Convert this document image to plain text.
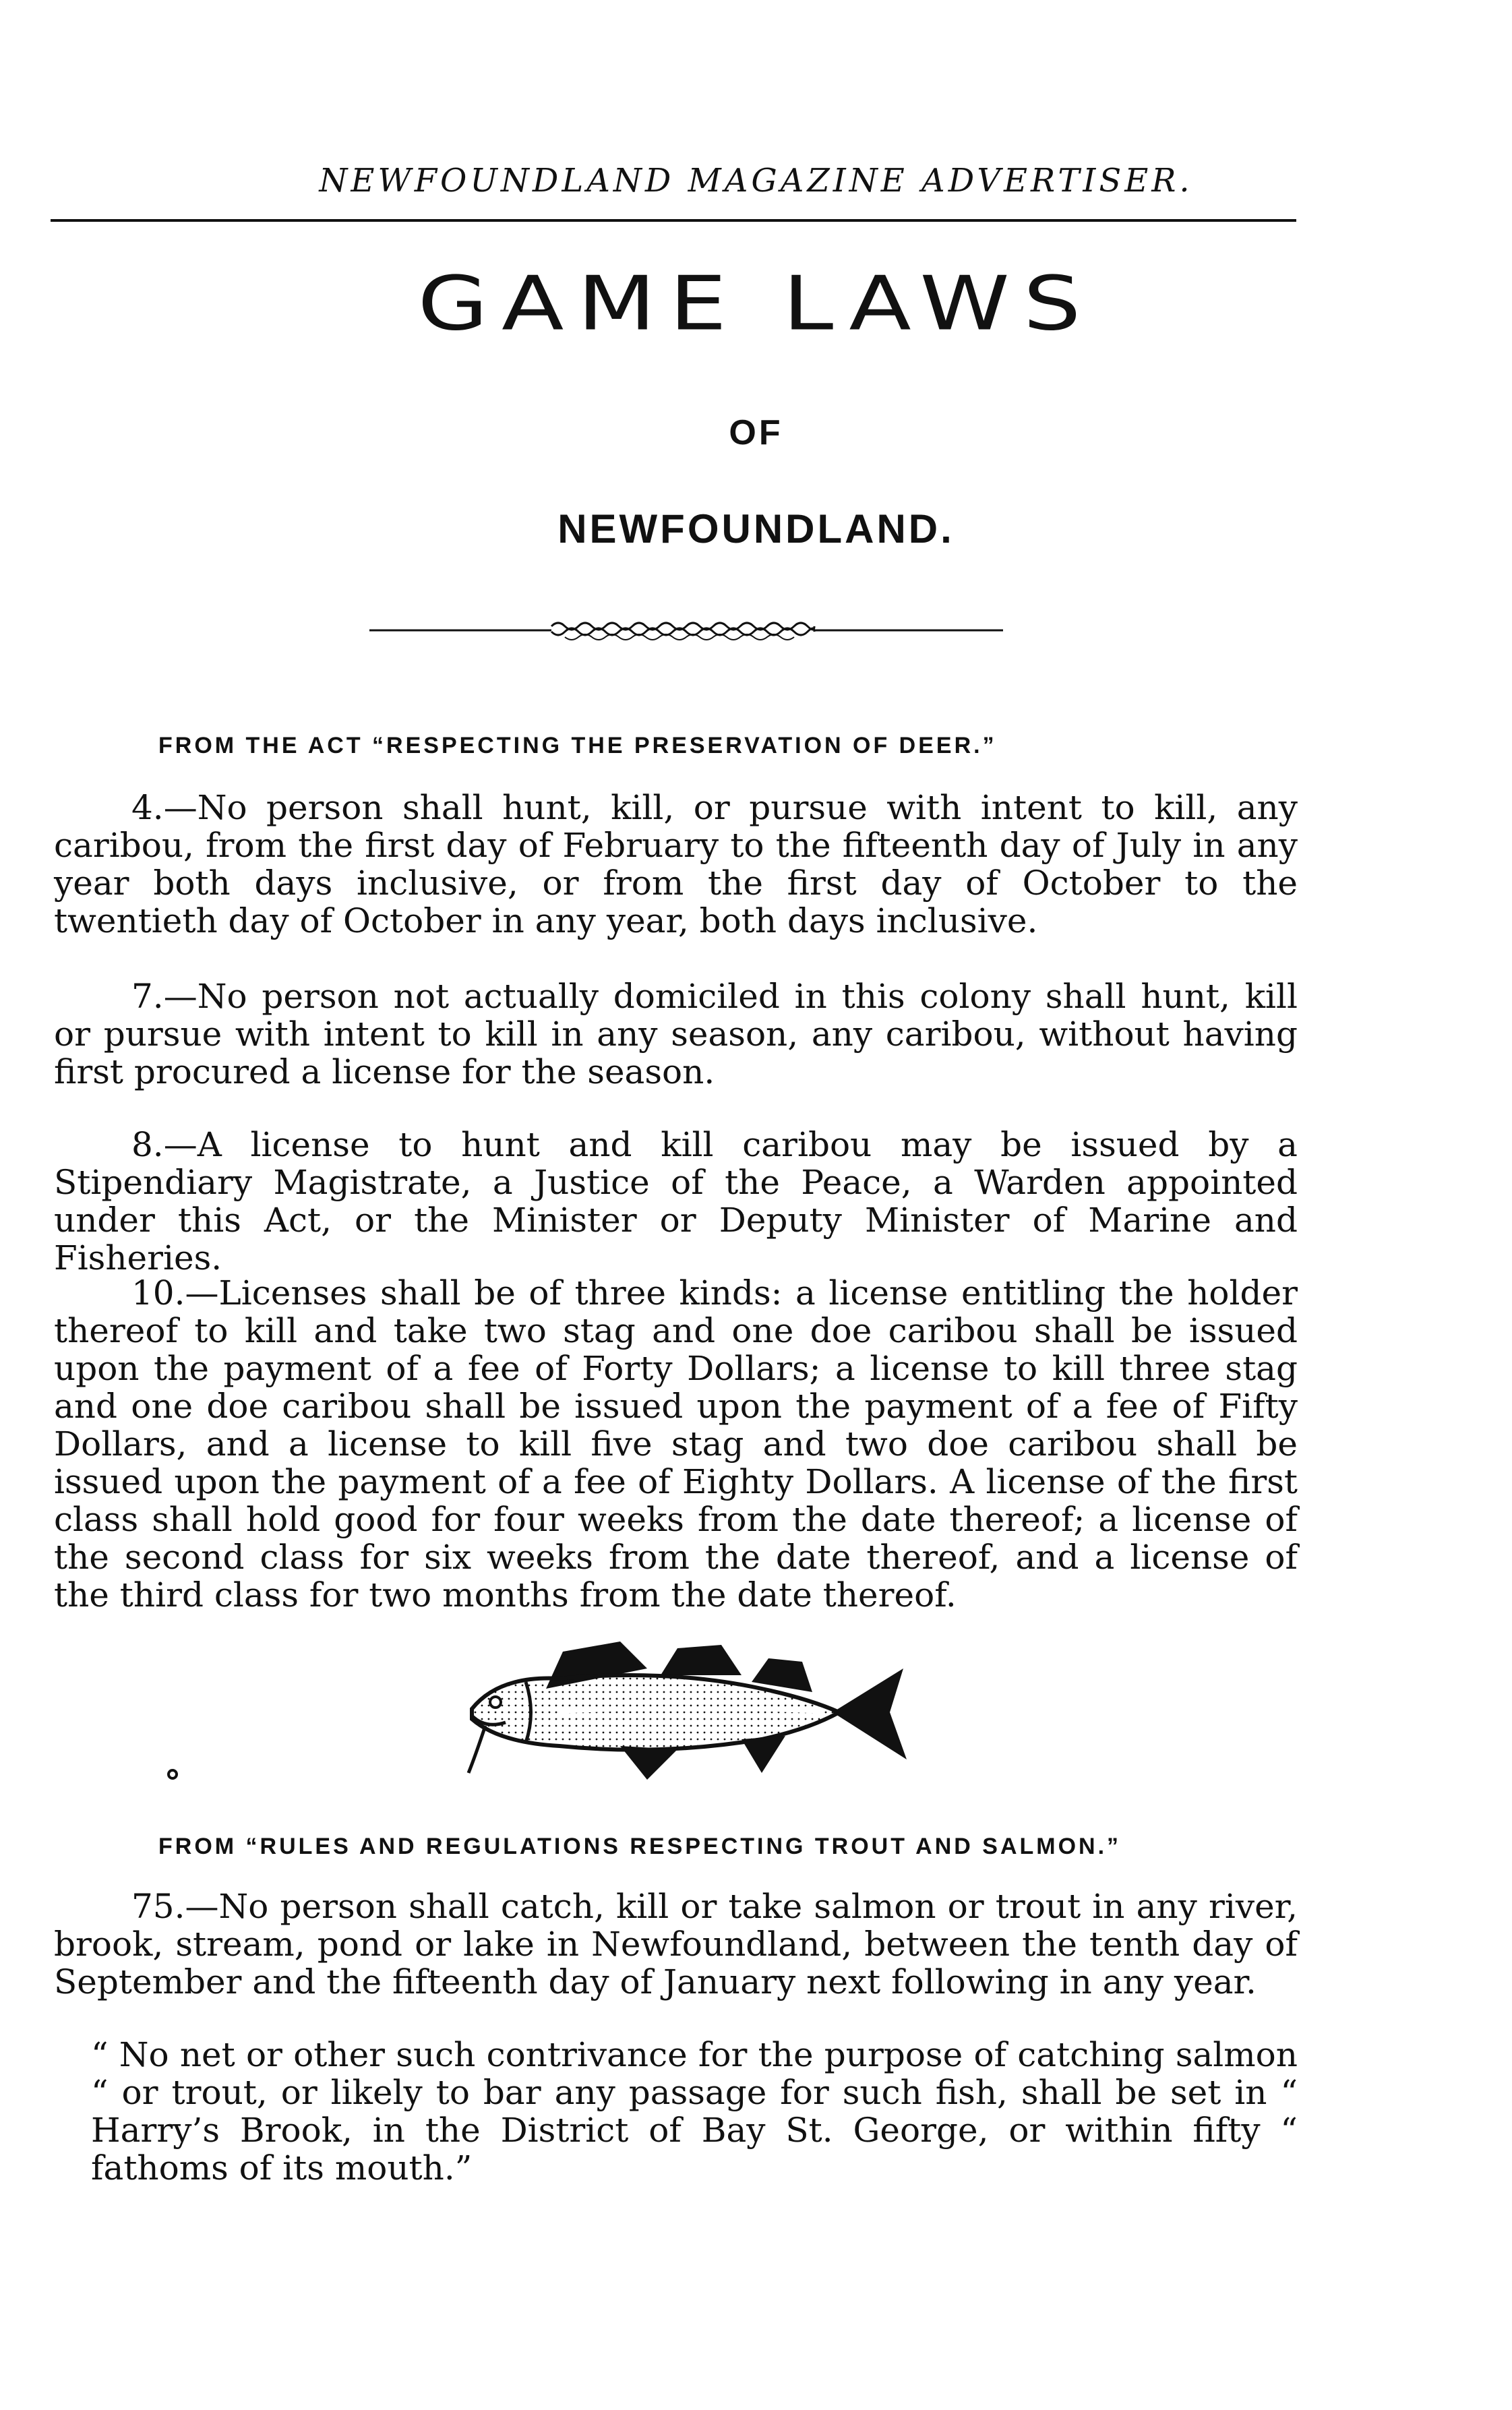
NEWFOUNDLAND MAGAZINE ADVERTISER.
GAME LAWS
OF
NEWFOUNDLAND.
FROM THE ACT “RESPECTING THE PRESERVATION OF DEER.”

4.—No person shall hunt, kill, or pursue with intent to kill, any caribou, from the first day of February to the fifteenth day of July in any year both days inclusive, or from the first day of October to the twentieth day of October in any year, both days inclusive.

7.—No person not actually domiciled in this colony shall hunt, kill or pursue with intent to kill in any season, any caribou, without having first procured a license for the season.

8.—A license to hunt and kill caribou may be issued by a Stipendiary Magistrate, a Justice of the Peace, a Warden appointed under this Act, or the Minister or Deputy Minister of Marine and Fisheries.

10.—Licenses shall be of three kinds: a license entitling the holder thereof to kill and take two stag and one doe caribou shall be issued upon the payment of a fee of Forty Dollars; a license to kill three stag and one doe caribou shall be issued upon the payment of a fee of Fifty Dollars, and a license to kill five stag and two doe caribou shall be issued upon the payment of a fee of Eighty Dollars. A license of the first class shall hold good for four weeks from the date thereof; a license of the second class for six weeks from the date thereof, and a license of the third class for two months from the date thereof.

FROM “RULES AND REGULATIONS RESPECTING TROUT AND SALMON.”

75.—No person shall catch, kill or take salmon or trout in any river, brook, stream, pond or lake in Newfoundland, between the tenth day of September and the fifteenth day of January next following in any year.

“ No net or other such contrivance for the purpose of catching salmon “ or trout, or likely to bar any passage for such fish, shall be set in “ Harry’s Brook, in the District of Bay St. George, or within fifty “ fathoms of its mouth.”
